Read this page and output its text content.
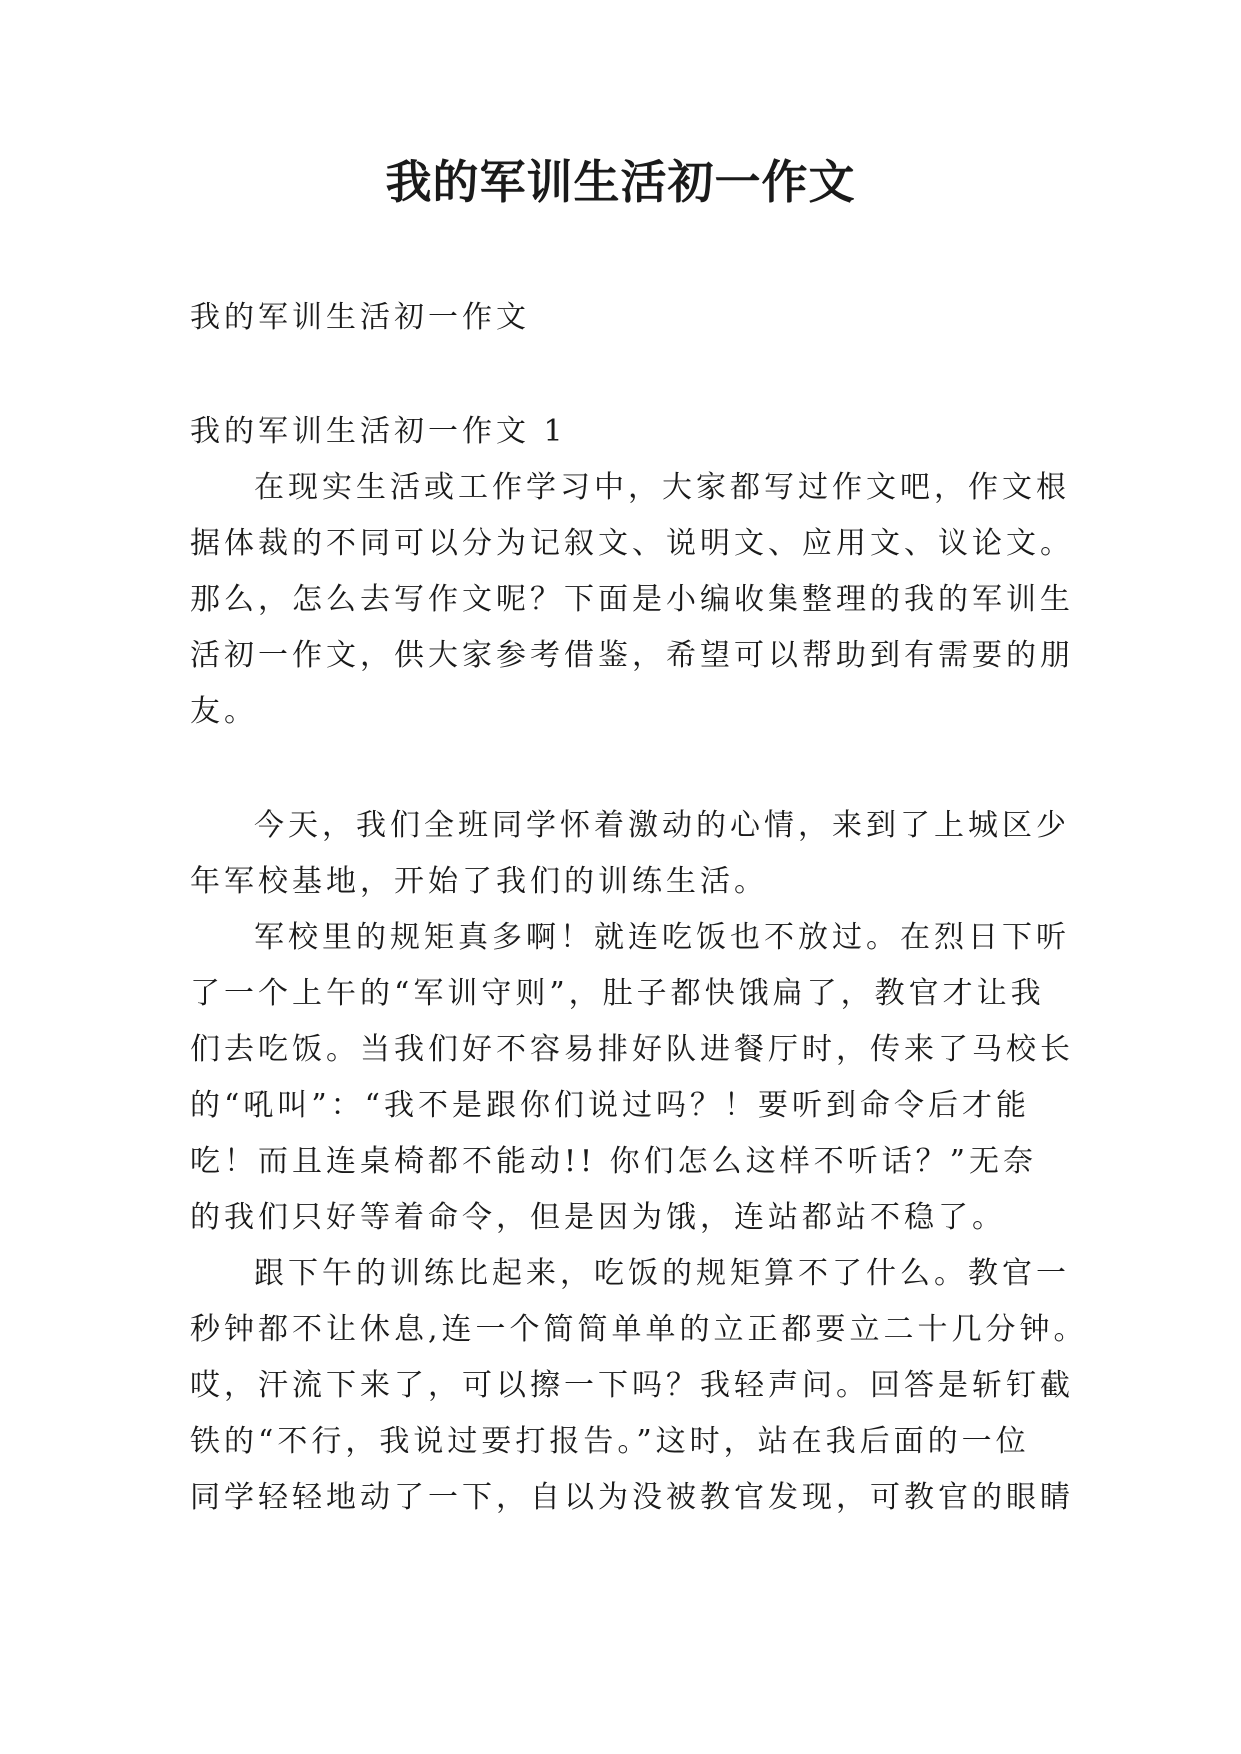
我的军训生活初一作文

我的军训生活初一作文

我的军训生活初一作文 1

在现实生活或工作学习中，大家都写过作文吧，作文根

据体裁的不同可以分为记叙文、说明文、应用文、议论文。

那么，怎么去写作文呢？下面是小编收集整理的我的军训生

活初一作文，供大家参考借鉴，希望可以帮助到有需要的朋

友。

今天，我们全班同学怀着激动的心情，来到了上城区少

年军校基地，开始了我们的训练生活。

军校里的规矩真多啊！就连吃饭也不放过。在烈日下听

了一个上午的“军训守则”，肚子都快饿扁了，教官才让我

们去吃饭。当我们好不容易排好队进餐厅时，传来了马校长

的“吼叫”：“我不是跟你们说过吗？！要听到命令后才能

吃！而且连桌椅都不能动!! 你们怎么这样不听话？”无奈

的我们只好等着命令，但是因为饿，连站都站不稳了。

跟下午的训练比起来，吃饭的规矩算不了什么。教官一

秒钟都不让休息,连一个简简单单的立正都要立二十几分钟。

哎，汗流下来了，可以擦一下吗？我轻声问。回答是斩钉截

铁的“不行，我说过要打报告。”这时，站在我后面的一位

同学轻轻地动了一下，自以为没被教官发现，可教官的眼睛
